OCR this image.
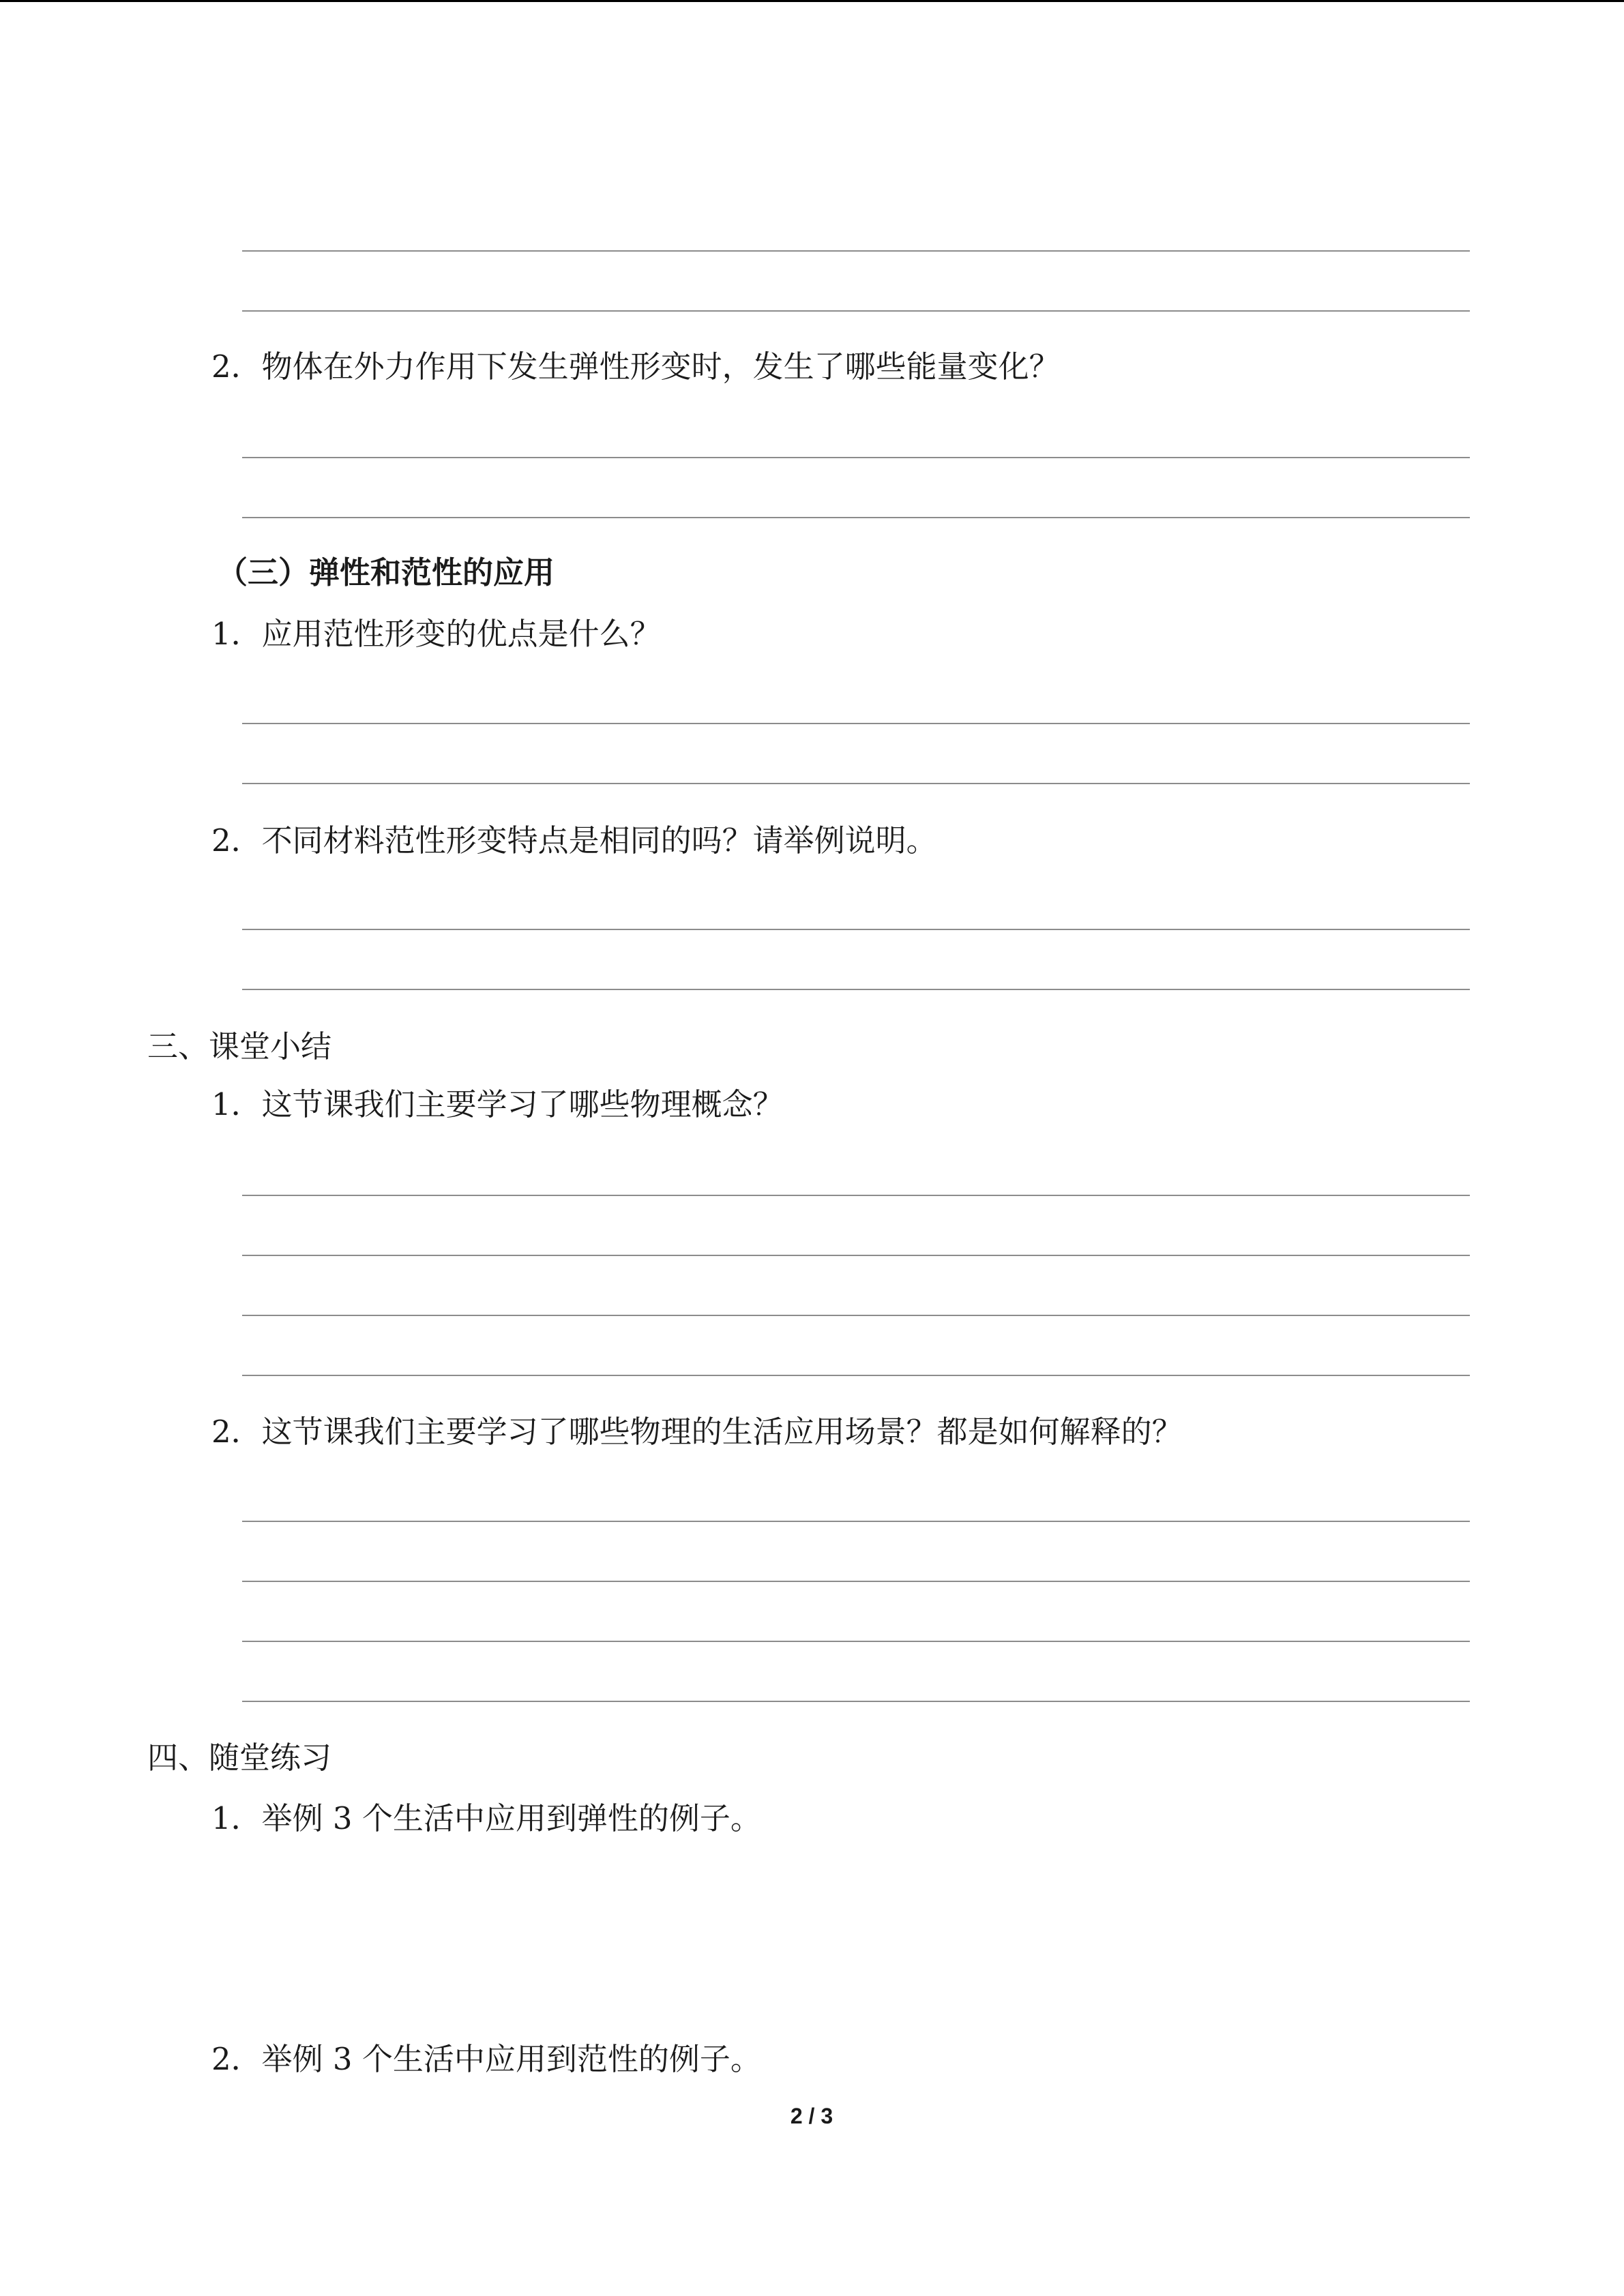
2．物体在外力作用下发生弹性形变时，发生了哪些能量变化？
（三）弹性和范性的应用
1．应用范性形变的优点是什么？
2．不同材料范性形变特点是相同的吗？请举例说明。
三、课堂小结
1．这节课我们主要学习了哪些物理概念？
2．这节课我们主要学习了哪些物理的生活应用场景？都是如何解释的？
四、随堂练习
1．举例 3 个生活中应用到弹性的例子。
2．举例 3 个生活中应用到范性的例子。
2 / 3
